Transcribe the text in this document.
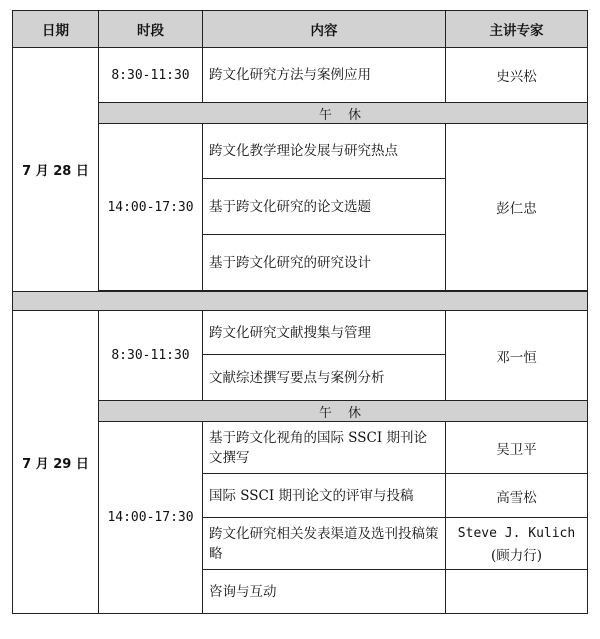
日期	时段	内容	主讲专家
7 月 28 日	8:30-11:30	跨文化研究方法与案例应用	史兴松
	午 休		
	14:00-17:30	跨文化教学理论发展与研究热点	彭仁忠
		基于跨文化研究的论文选题	
		基于跨文化研究的研究设计	

7 月 29 日	8:30-11:30	跨文化研究文献搜集与管理	邓一恒
		文献综述撰写要点与案例分析	
	午 休		
	14:00-17:30	基于跨文化视角的国际 SSCI 期刊论文撰写	吴卫平
		国际 SSCI 期刊论文的评审与投稿	高雪松
		跨文化研究相关发表渠道及选刊投稿策略	Steve J. Kulich
(顾力行)

		咨询与互动	
